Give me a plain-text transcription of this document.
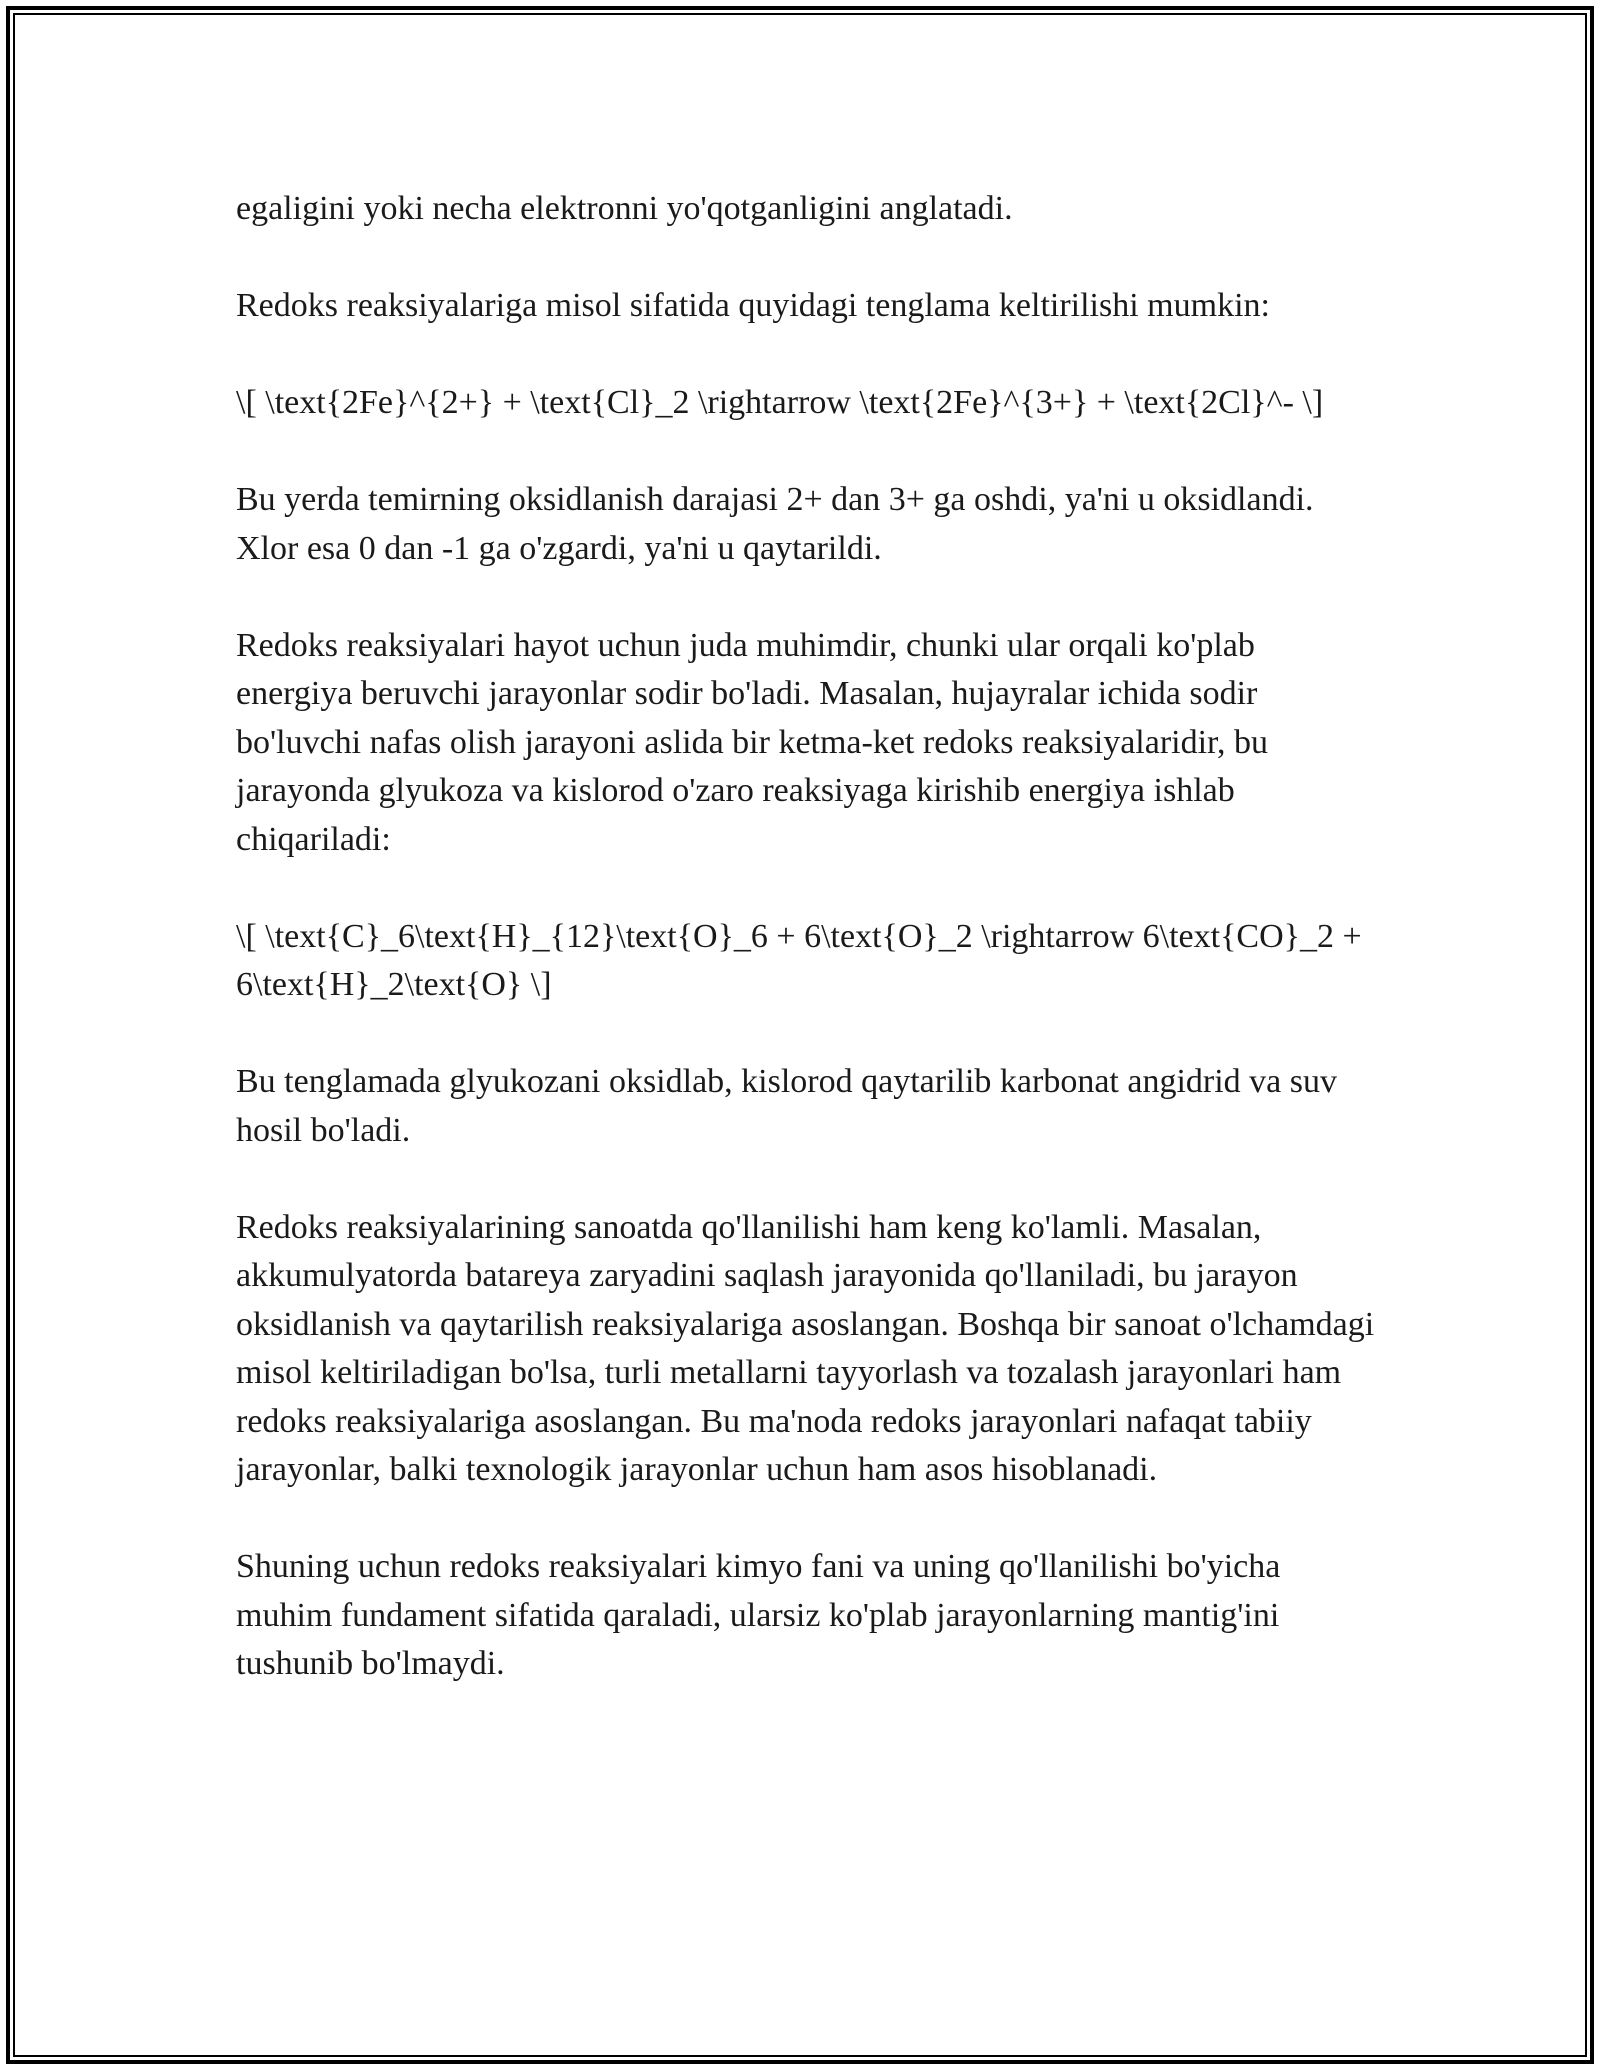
egaligini yoki necha elektronni yo'qotganligini anglatadi.

Redoks reaksiyalariga misol sifatida quyidagi tenglama keltirilishi mumkin:

\[ \text{2Fe}^{2+} + \text{Cl}_2 \rightarrow \text{2Fe}^{3+} + \text{2Cl}^- \]

Bu yerda temirning oksidlanish darajasi 2+ dan 3+ ga oshdi, ya'ni u oksidlandi. Xlor esa 0 dan -1 ga o'zgardi, ya'ni u qaytarildi.

Redoks reaksiyalari hayot uchun juda muhimdir, chunki ular orqali ko'plab energiya beruvchi jarayonlar sodir bo'ladi. Masalan, hujayralar ichida sodir bo'luvchi nafas olish jarayoni aslida bir ketma-ket redoks reaksiyalaridir, bu jarayonda glyukoza va kislorod o'zaro reaksiyaga kirishib energiya ishlab chiqariladi:

\[ \text{C}_6\text{H}_{12}\text{O}_6 + 6\text{O}_2 \rightarrow 6\text{CO}_2 + 6\text{H}_2\text{O} \]

Bu tenglamada glyukozani oksidlab, kislorod qaytarilib karbonat angidrid va suv hosil bo'ladi.

Redoks reaksiyalarining sanoatda qo'llanilishi ham keng ko'lamli. Masalan, akkumulyatorda batareya zaryadini saqlash jarayonida qo'llaniladi, bu jarayon oksidlanish va qaytarilish reaksiyalariga asoslangan. Boshqa bir sanoat o'lchamdagi misol keltiriladigan bo'lsa, turli metallarni tayyorlash va tozalash jarayonlari ham redoks reaksiyalariga asoslangan. Bu ma'noda redoks jarayonlari nafaqat tabiiy jarayonlar, balki texnologik jarayonlar uchun ham asos hisoblanadi.

Shuning uchun redoks reaksiyalari kimyo fani va uning qo'llanilishi bo'yicha muhim fundament sifatida qaraladi, ularsiz ko'plab jarayonlarning mantig'ini tushunib bo'lmaydi.
